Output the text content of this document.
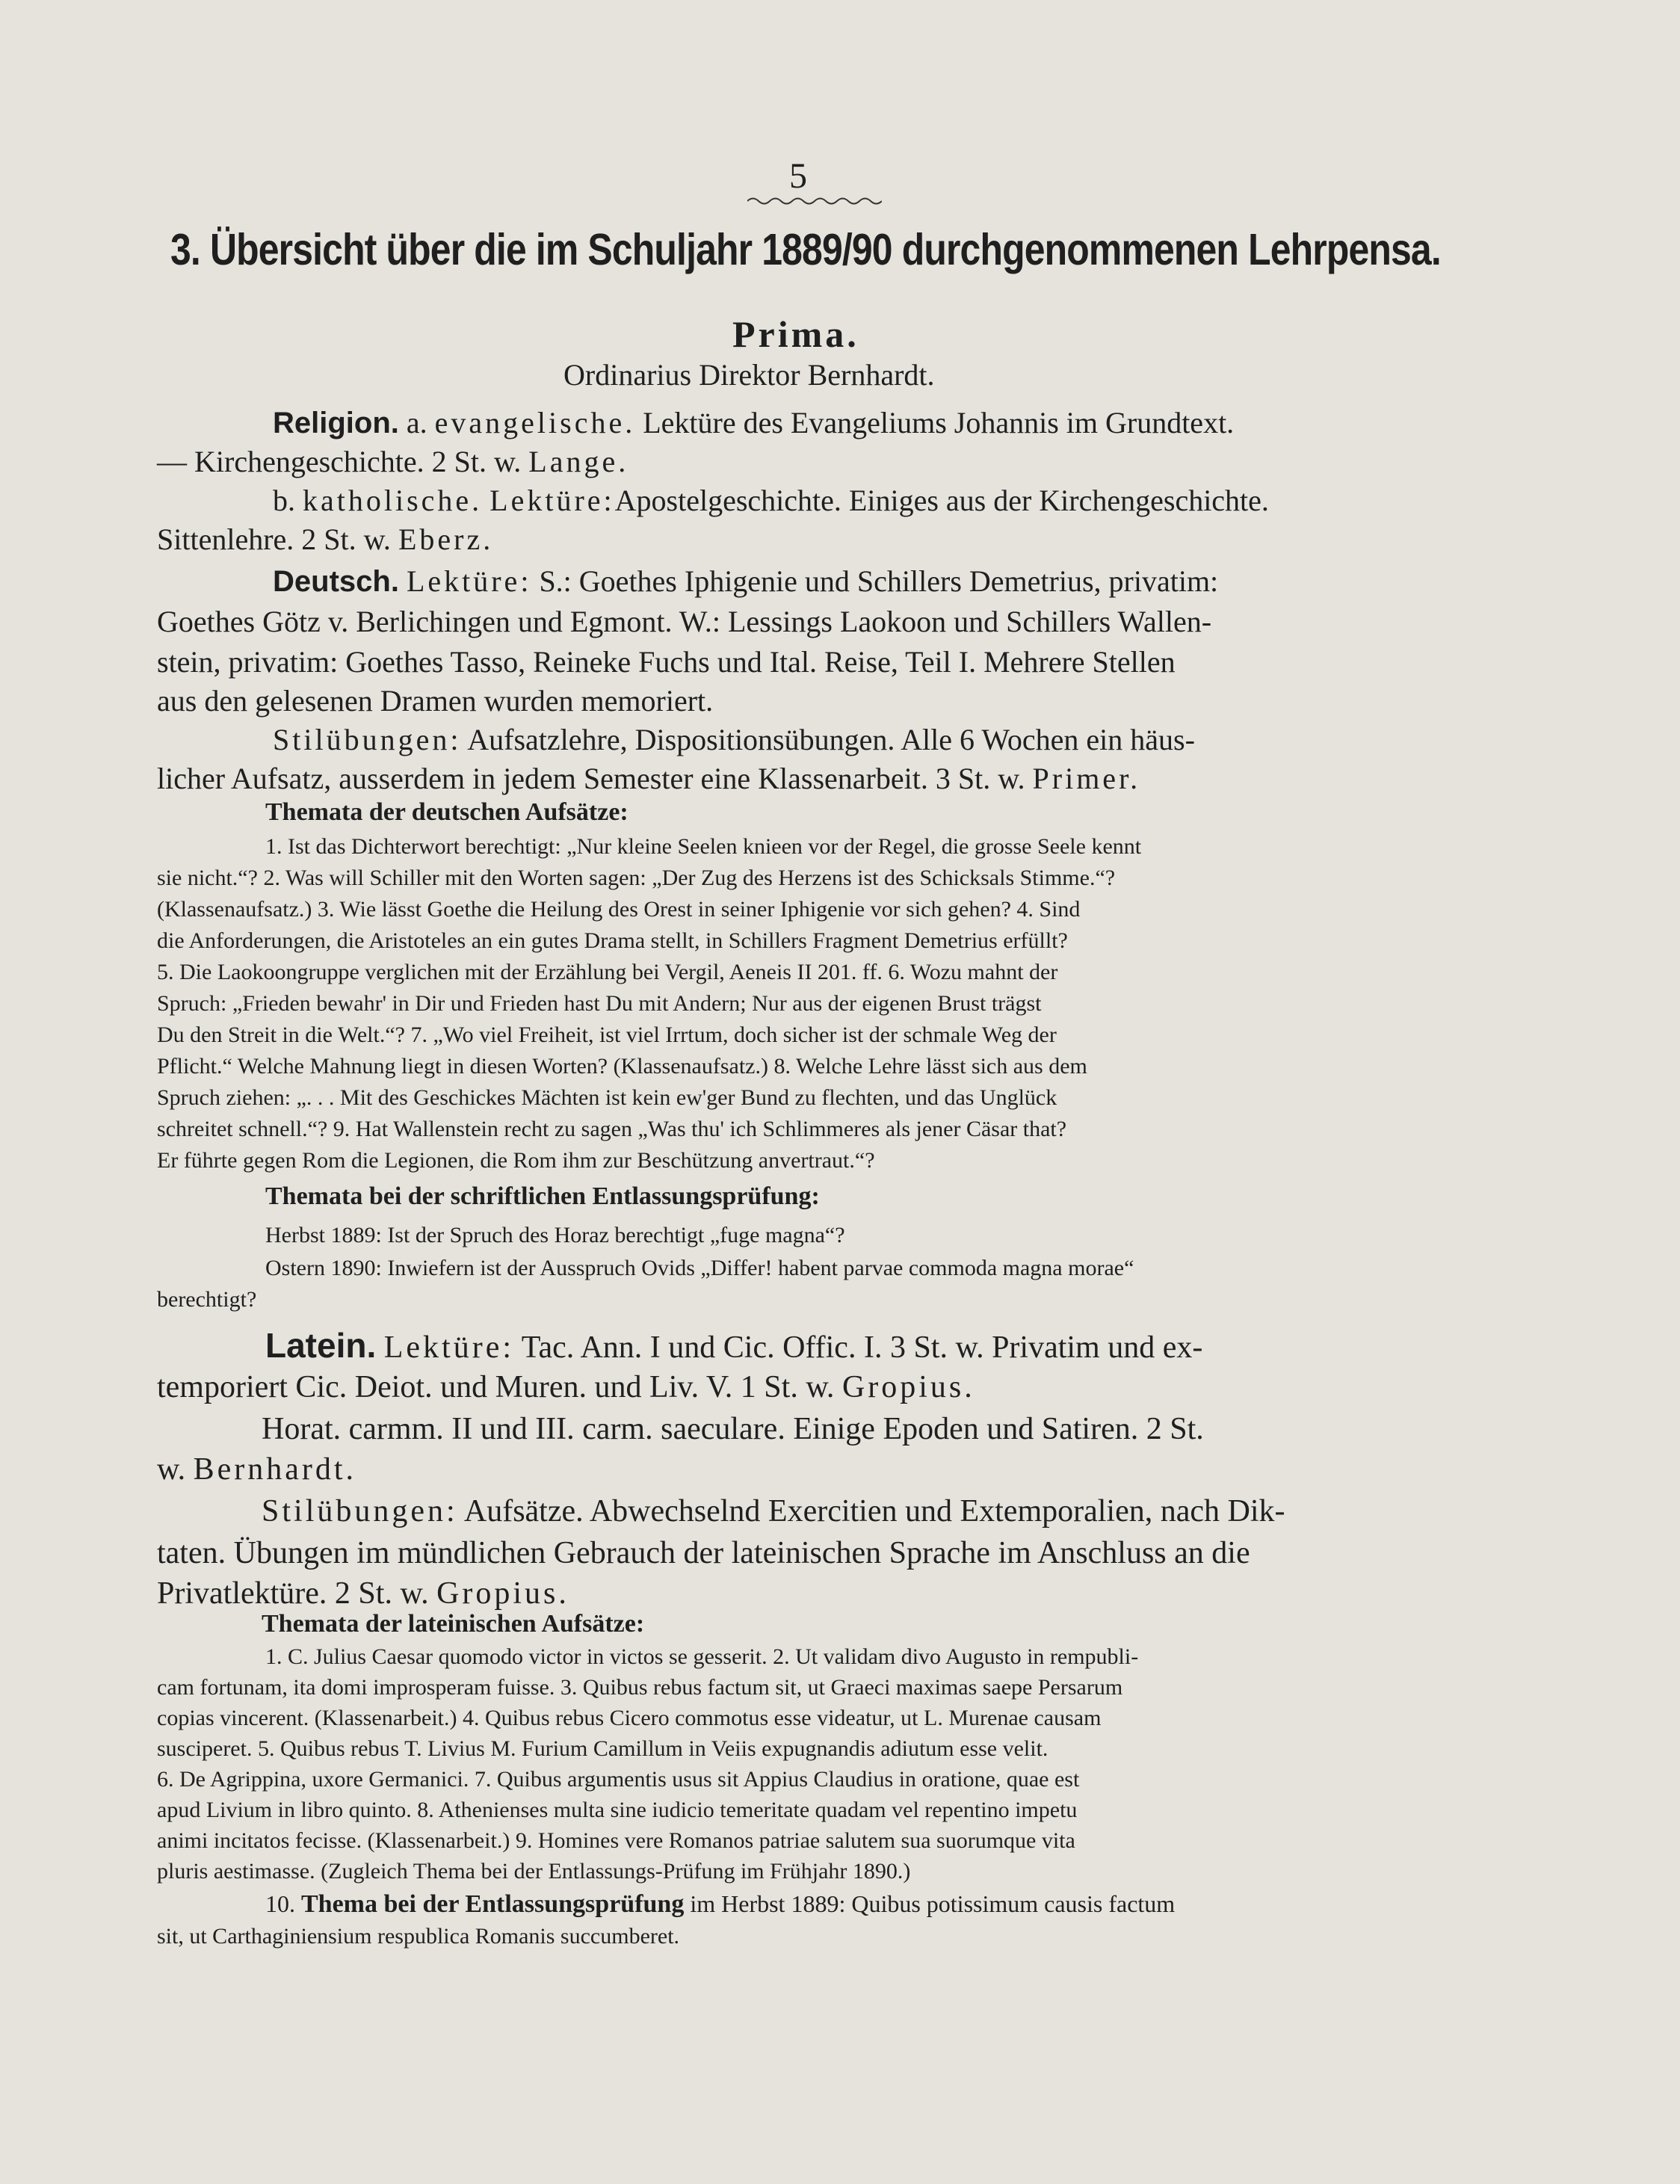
5
3. Übersicht über die im Schuljahr 1889/90 durchgenommenen Lehrpensa.
Prima.
Ordinarius Direktor Bernhardt.
Religion. a. evangelische. Lektüre des Evangeliums Johannis im Grundtext.
— Kirchengeschichte. 2 St. w. Lange.
b. katholische. Lektüre:Apostelgeschichte. Einiges aus der Kirchengeschichte.
Sittenlehre. 2 St. w. Eberz.
Deutsch. Lektüre: S.: Goethes Iphigenie und Schillers Demetrius, privatim:
Goethes Götz v. Berlichingen und Egmont. W.: Lessings Laokoon und Schillers Wallen-
stein, privatim: Goethes Tasso, Reineke Fuchs und Ital. Reise, Teil I. Mehrere Stellen
aus den gelesenen Dramen wurden memoriert.
Stilübungen: Aufsatzlehre, Dispositionsübungen. Alle 6 Wochen ein häus-
licher Aufsatz, ausserdem in jedem Semester eine Klassenarbeit. 3 St. w. Primer.
Themata der deutschen Aufsätze:
1. Ist das Dichterwort berechtigt: „Nur kleine Seelen knieen vor der Regel, die grosse Seele kennt
sie nicht.“? 2. Was will Schiller mit den Worten sagen: „Der Zug des Herzens ist des Schicksals Stimme.“?
(Klassenaufsatz.) 3. Wie lässt Goethe die Heilung des Orest in seiner Iphigenie vor sich gehen? 4. Sind
die Anforderungen, die Aristoteles an ein gutes Drama stellt, in Schillers Fragment Demetrius erfüllt?
5. Die Laokoongruppe verglichen mit der Erzählung bei Vergil, Aeneis II 201. ff. 6. Wozu mahnt der
Spruch: „Frieden bewahr' in Dir und Frieden hast Du mit Andern; Nur aus der eigenen Brust trägst
Du den Streit in die Welt.“? 7. „Wo viel Freiheit, ist viel Irrtum, doch sicher ist der schmale Weg der
Pflicht.“ Welche Mahnung liegt in diesen Worten? (Klassenaufsatz.) 8. Welche Lehre lässt sich aus dem
Spruch ziehen: „. . . Mit des Geschickes Mächten ist kein ew'ger Bund zu flechten, und das Unglück
schreitet schnell.“? 9. Hat Wallenstein recht zu sagen „Was thu' ich Schlimmeres als jener Cäsar that?
Er führte gegen Rom die Legionen, die Rom ihm zur Beschützung anvertraut.“?
Themata bei der schriftlichen Entlassungsprüfung:
Herbst 1889: Ist der Spruch des Horaz berechtigt „fuge magna“?
Ostern 1890: Inwiefern ist der Ausspruch Ovids „Differ! habent parvae commoda magna morae“
berechtigt?
Latein. Lektüre: Tac. Ann. I und Cic. Offic. I. 3 St. w. Privatim und ex-
temporiert Cic. Deiot. und Muren. und Liv. V. 1 St. w. Gropius.
Horat. carmm. II und III. carm. saeculare. Einige Epoden und Satiren. 2 St.
w. Bernhardt.
Stilübungen: Aufsätze. Abwechselnd Exercitien und Extemporalien, nach Dik-
taten. Übungen im mündlichen Gebrauch der lateinischen Sprache im Anschluss an die
Privatlektüre. 2 St. w. Gropius.
Themata der lateinischen Aufsätze:
1. C. Julius Caesar quomodo victor in victos se gesserit. 2. Ut validam divo Augusto in rempubli-
cam fortunam, ita domi improsperam fuisse. 3. Quibus rebus factum sit, ut Graeci maximas saepe Persarum
copias vincerent. (Klassenarbeit.) 4. Quibus rebus Cicero commotus esse videatur, ut L. Murenae causam
susciperet. 5. Quibus rebus T. Livius M. Furium Camillum in Veiis expugnandis adiutum esse velit.
6. De Agrippina, uxore Germanici. 7. Quibus argumentis usus sit Appius Claudius in oratione, quae est
apud Livium in libro quinto. 8. Athenienses multa sine iudicio temeritate quadam vel repentino impetu
animi incitatos fecisse. (Klassenarbeit.) 9. Homines vere Romanos patriae salutem sua suorumque vita
pluris aestimasse. (Zugleich Thema bei der Entlassungs-Prüfung im Frühjahr 1890.)
10. Thema bei der Entlassungsprüfung im Herbst 1889: Quibus potissimum causis factum
sit, ut Carthaginiensium respublica Romanis succumberet.
